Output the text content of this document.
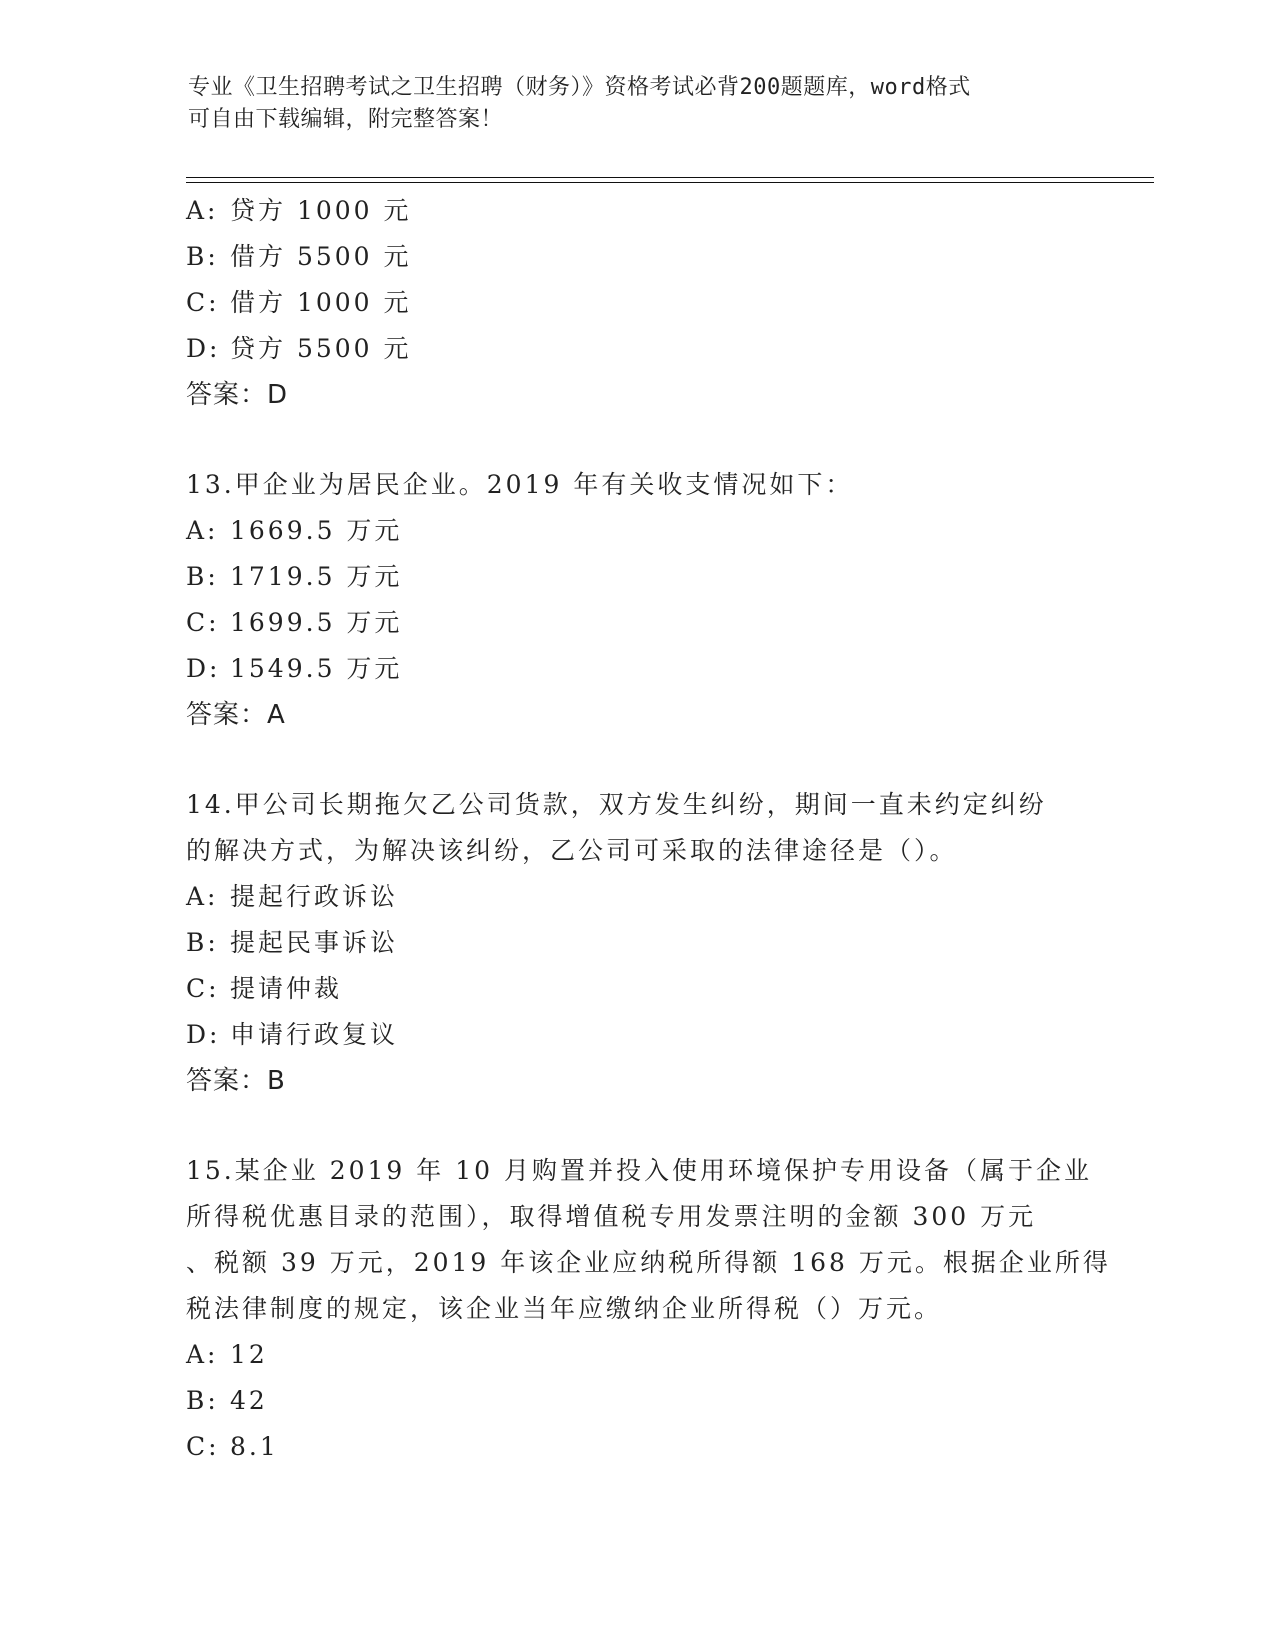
专业《卫生招聘考试之卫生招聘（财务）》资格考试必背200题题库，word格式
可自由下载编辑，附完整答案！
A: 贷方 1000 元
B: 借方 5500 元
C: 借方 1000 元
D: 贷方 5500 元
答案：D
13.甲企业为居民企业。2019 年有关收支情况如下：
A: 1669.5 万元
B: 1719.5 万元
C: 1699.5 万元
D: 1549.5 万元
答案：A
14.甲公司长期拖欠乙公司货款，双方发生纠纷，期间一直未约定纠纷
的解决方式，为解决该纠纷，乙公司可采取的法律途径是（）。
A: 提起行政诉讼
B: 提起民事诉讼
C: 提请仲裁
D: 申请行政复议
答案：B
15.某企业 2019 年 10 月购置并投入使用环境保护专用设备（属于企业
所得税优惠目录的范围），取得增值税专用发票注明的金额 300 万元
、税额 39 万元，2019 年该企业应纳税所得额 168 万元。根据企业所得
税法律制度的规定，该企业当年应缴纳企业所得税（）万元。
A: 12
B: 42
C: 8.1
